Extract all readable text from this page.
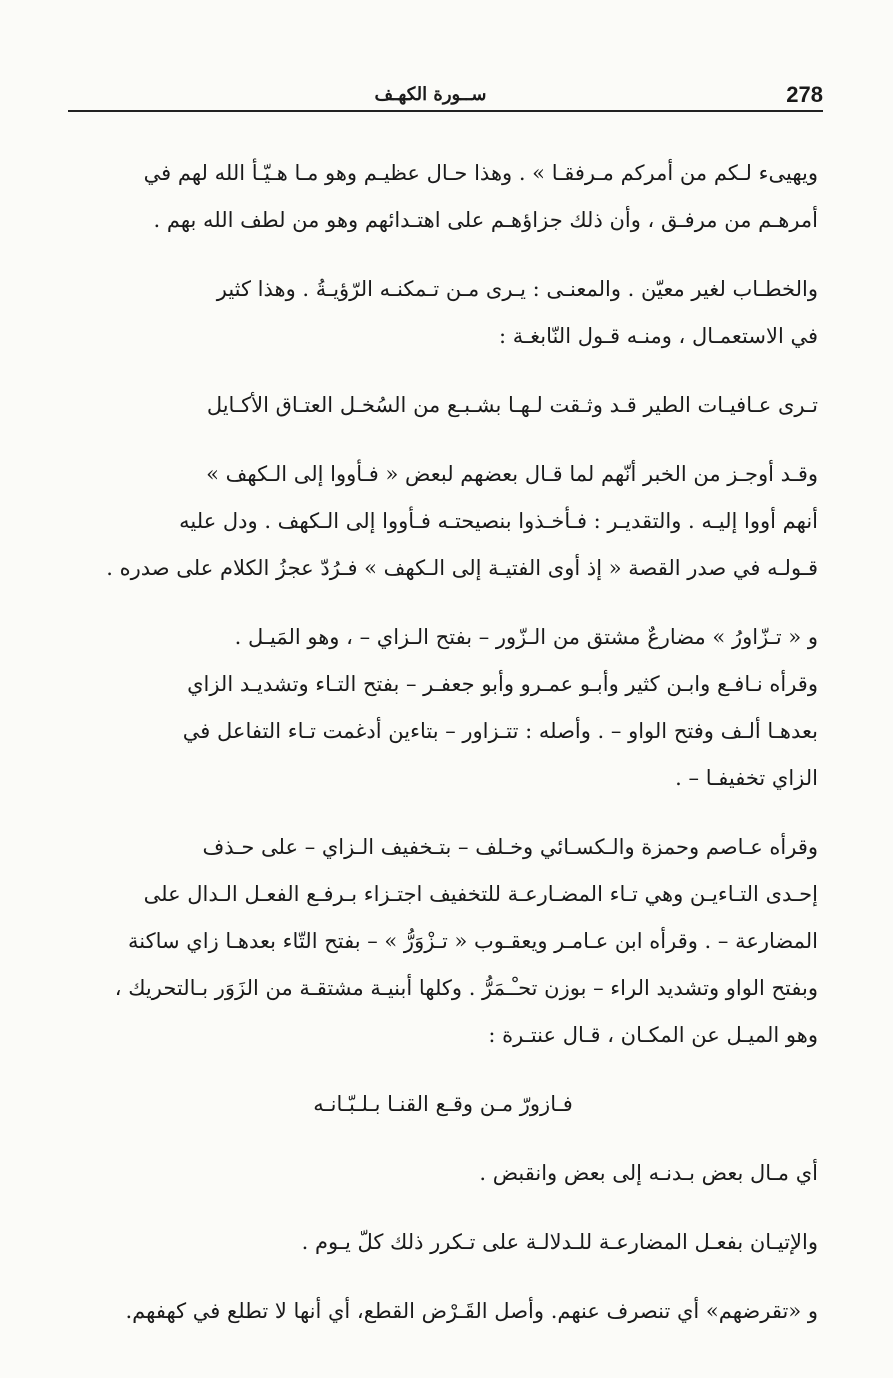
278
ســورة الكهـف

ويهيىء لـكم من أمركم مـرفقـا » . وهذا حـال عظيـم وهو مـا هـيّـأ الله لهم في
أمرهـم من مرفـق ، وأن ذلك جزاؤهـم على اهتـدائهم وهو من لطف الله بهم .

والخطـاب لغير معيّن . والمعنـى : يـرى مـن تـمكنـه الرّؤيـةُ . وهذا كثير
في الاستعمـال ، ومنـه قـول النّابغـة :

تـرى عـافيـات الطير قـد وثـقت لـهـا بشـبـع من السُخـل العتـاق الأكـايل

وقـد أوجـز من الخبر أنّهم لما قـال بعضهم لبعض « فـأووا إلى الـكهف »
أنهم أووا إليـه . والتقديـر : فـأخـذوا بنصيحتـه فـأووا إلى الـكهف . ودل عليه
قـولـه في صدر القصة « إذ أوى الفتيـة إلى الـكهف » فـرُدّ عجزُ الكلام على صدره .

و « تـزّاورُ » مضارعٌ مشتق من الـزّور – بفتح الـزاي – ، وهو المَيـل .
وقرأه نـافـع وابـن كثير وأبـو عمـرو وأبو جعفـر – بفتح التـاء وتشديـد الزاي
بعدهـا ألـف وفتح الواو – . وأصله : تتـزاور – بتاءين أدغمت تـاء التفاعل في
الزاي تخفيفـا – .

وقرأه عـاصم وحمزة والـكسـائي وخـلف – بتـخفيف الـزاي – على حـذف
إحـدى التـاءيـن وهي تـاء المضـارعـة للتخفيف اجتـزاء بـرفـع الفعـل الـدال على
المضارعة – . وقرأه ابن عـامـر ويعقـوب « تـزْوَرُّ » – بفتح التّاء بعدهـا زاي ساكنة
وبفتح الواو وتشديد الراء – بوزن تحـْـمَرُّ . وكلها أبنيـة مشتقـة من الزَوَر بـالتحريك ،
وهو الميـل عن المكـان ، قـال عنتـرة :

فـازورّ مـن وقـع القنـا بـلـبّـانـه

أي مـال بعض بـدنـه إلى بعض وانقبض .

والإتيـان بفعـل المضارعـة للـدلالـة على تـكرر ذلك كلّ يـوم .

و «تقرضهم» أي تنصرف عنهم. وأصل القَـرْض القطع، أي أنها لا تطلع في كهفهم.
